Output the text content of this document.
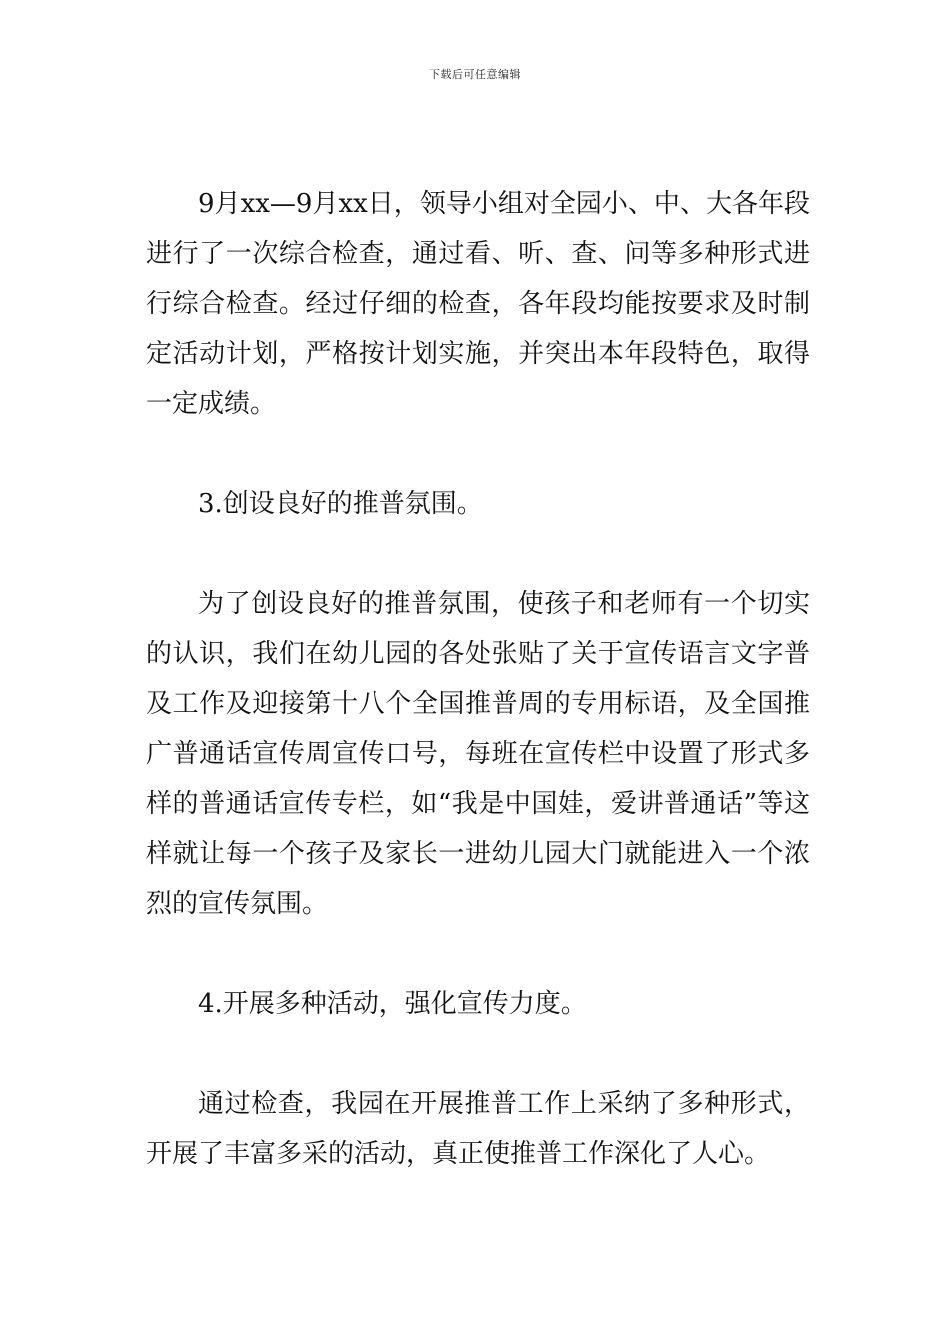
下载后可任意编辑

9月xx—9月xx日，领导小组对全园小、中、大各年段进行了一次综合检查，通过看、听、查、问等多种形式进行综合检查。经过仔细的检查，各年段均能按要求及时制定活动计划，严格按计划实施，并突出本年段特色，取得一定成绩。

3.创设良好的推普氛围。

为了创设良好的推普氛围，使孩子和老师有一个切实的认识，我们在幼儿园的各处张贴了关于宣传语言文字普及工作及迎接第十八个全国推普周的专用标语，及全国推广普通话宣传周宣传口号，每班在宣传栏中设置了形式多样的普通话宣传专栏，如“我是中国娃，爱讲普通话”等这样就让每一个孩子及家长一进幼儿园大门就能进入一个浓烈的宣传氛围。

4.开展多种活动，强化宣传力度。

通过检查，我园在开展推普工作上采纳了多种形式，开展了丰富多采的活动，真正使推普工作深化了人心。
